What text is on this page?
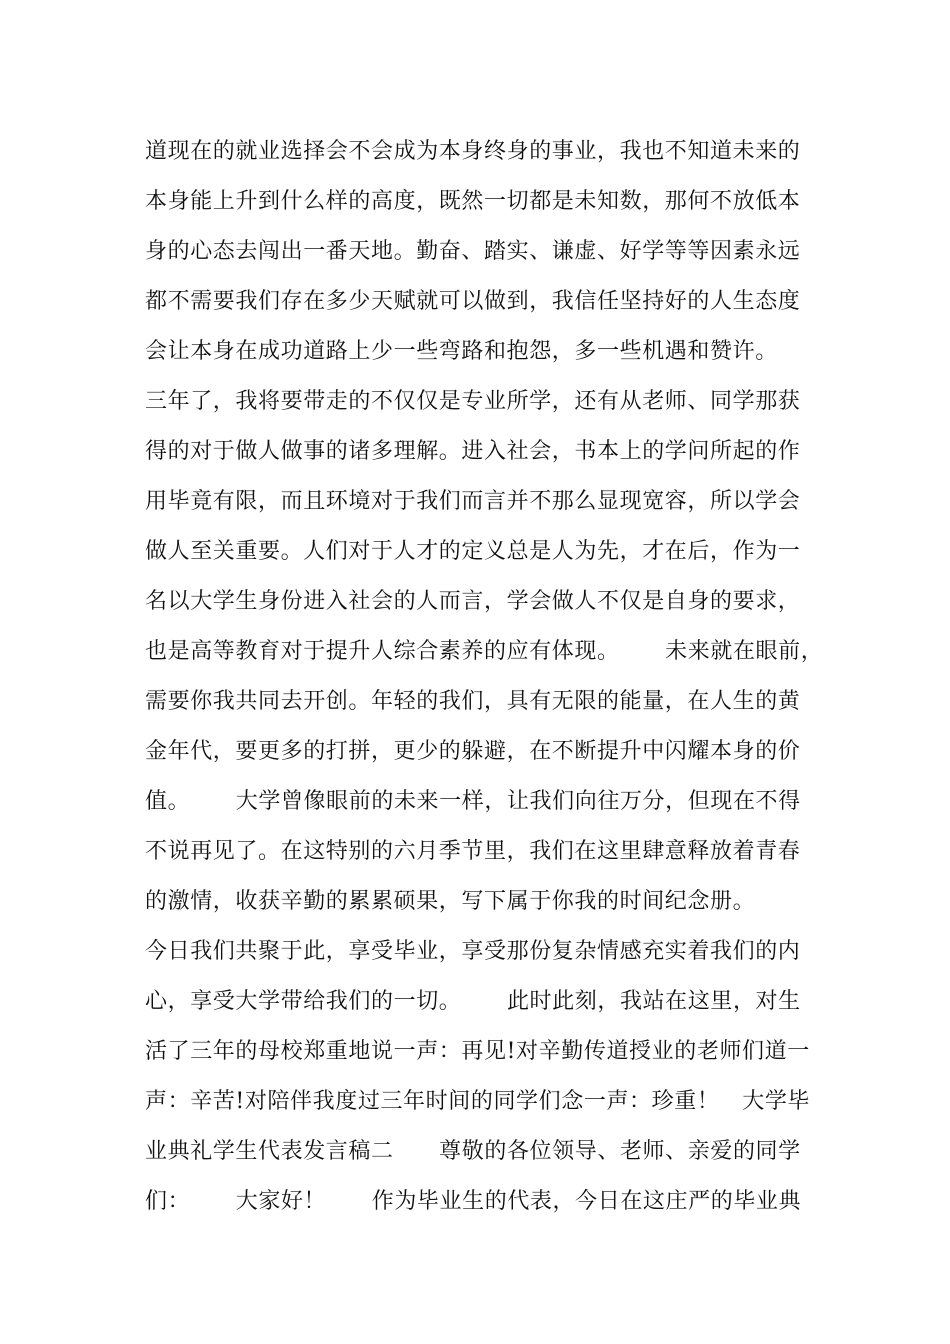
道现在的就业选择会不会成为本身终身的事业，我也不知道未来的
本身能上升到什么样的高度，既然一切都是未知数，那何不放低本
身的心态去闯出一番天地。勤奋、踏实、谦虚、好学等等因素永远
都不需要我们存在多少天赋就可以做到，我信任坚持好的人生态度
会让本身在成功道路上少一些弯路和抱怨，多一些机遇和赞许。
三年了，我将要带走的不仅仅是专业所学，还有从老师、同学那获
得的对于做人做事的诸多理解。进入社会，书本上的学问所起的作
用毕竟有限，而且环境对于我们而言并不那么显现宽容，所以学会
做人至关重要。人们对于人才的定义总是人为先，才在后，作为一
名以大学生身份进入社会的人而言，学会做人不仅是自身的要求，
也是高等教育对于提升人综合素养的应有体现。      未来就在眼前，
需要你我共同去开创。年轻的我们，具有无限的能量，在人生的黄
金年代，要更多的打拼，更少的躲避，在不断提升中闪耀本身的价
值。      大学曾像眼前的未来一样，让我们向往万分，但现在不得
不说再见了。在这特别的六月季节里，我们在这里肆意释放着青春
的激情，收获辛勤的累累硕果，写下属于你我的时间纪念册。
今日我们共聚于此，享受毕业，享受那份复杂情感充实着我们的内
心，享受大学带给我们的一切。      此时此刻，我站在这里，对生
活了三年的母校郑重地说一声：再见!对辛勤传道授业的老师们道一
声：辛苦!对陪伴我度过三年时间的同学们念一声：珍重！   大学毕
业典礼学生代表发言稿二      尊敬的各位领导、老师、亲爱的同学
们：      大家好！      作为毕业生的代表，今日在这庄严的毕业典
